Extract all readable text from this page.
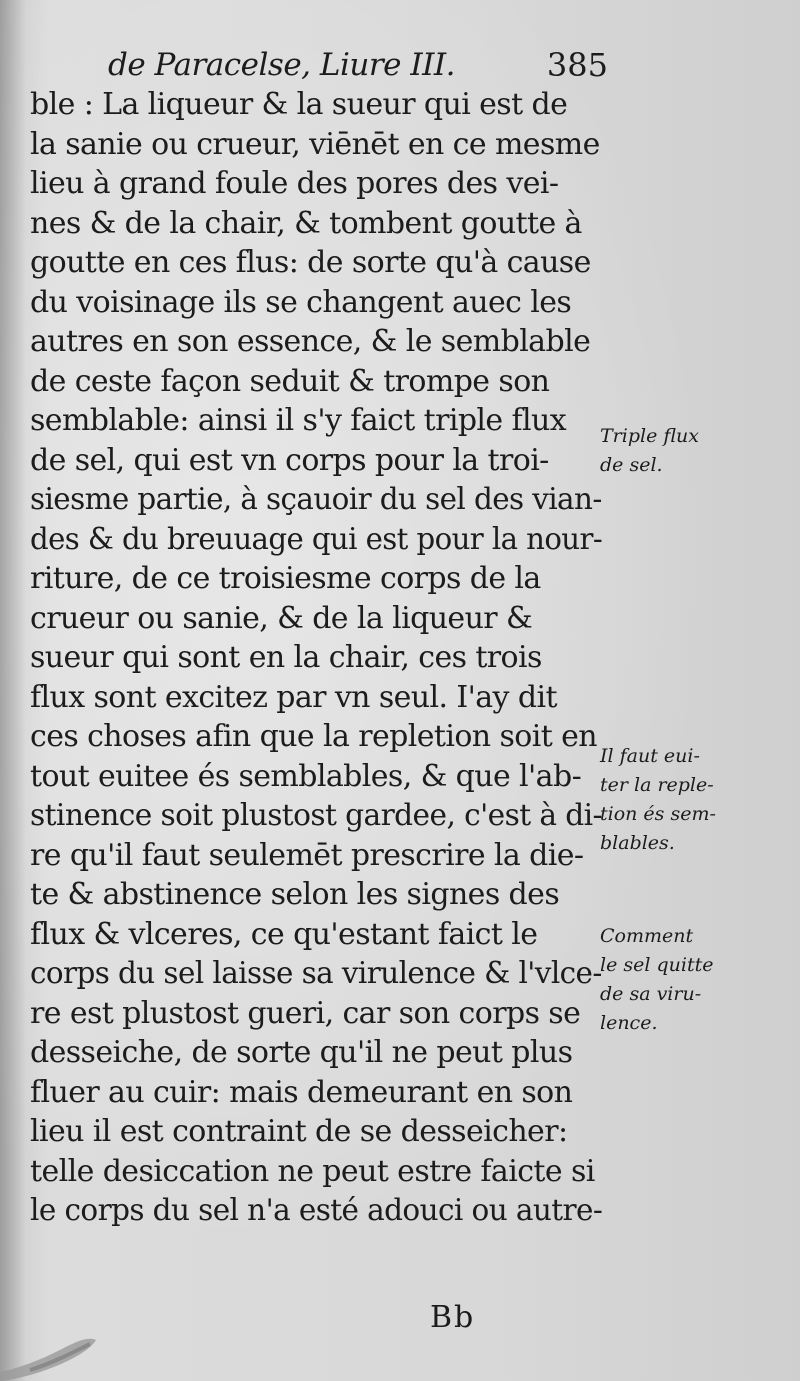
de Paracelse, Liure III.	385
ble : La liqueur & la sueur qui est de
la sanie ou crueur, viēnēt en ce mesme
lieu à grand foule des pores des vei-
nes & de la chair, & tombent goutte à
goutte en ces flus: de sorte qu'à cause
du voisinage ils se changent auec les
autres en son essence, & le semblable
de ceste façon seduit & trompe son
semblable: ainsi il s'y faict triple flux
de sel, qui est vn corps pour la troi-
siesme partie, à sçauoir du sel des vian-
des & du breuuage qui est pour la nour-
riture, de ce troisiesme corps de la
crueur ou sanie, & de la liqueur &
sueur qui sont en la chair, ces trois
flux sont excitez par vn seul. I'ay dit
ces choses afin que la repletion soit en
tout euitee és semblables, & que l'ab-
stinence soit plustost gardee, c'est à di-
re qu'il faut seulemēt prescrire la die-
te & abstinence selon les signes des
flux & vlceres, ce qu'estant faict le
corps du sel laisse sa virulence & l'vlce-
re est plustost gueri, car son corps se
desseiche, de sorte qu'il ne peut plus
fluer au cuir: mais demeurant en son
lieu il est contraint de se desseicher:
telle desiccation ne peut estre faicte si
le corps du sel n'a esté adouci ou autre-
Triple flux
de sel.
Il faut eui-
ter la reple-
tion és sem-
blables.
Comment
le sel quitte
de sa viru-
lence.
Bb
